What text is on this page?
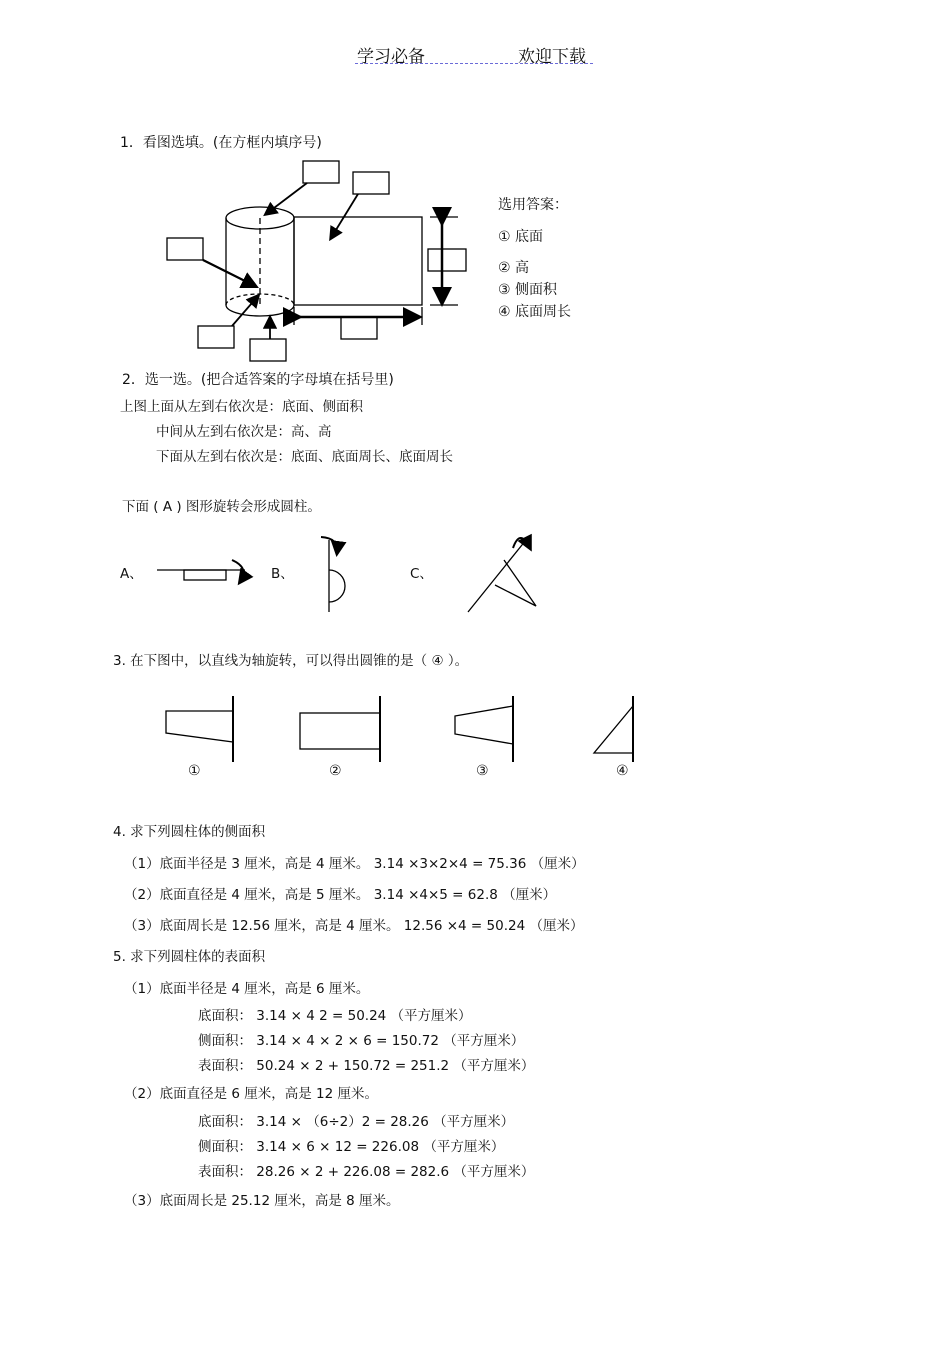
学习必备	欢迎下载
1．看图选填。(在方框内填序号)
选用答案：
① 底面
② 高
③ 侧面积
④ 底面周长
2．选一选。(把合适答案的字母填在括号里)
上图上面从左到右依次是：底面、侧面积
中间从左到右依次是：高、高
下面从左到右依次是：底面、底面周长、底面周长
下面 ( A ) 图形旋转会形成圆柱。
A、	B、	C、
3. 在下图中，以直线为轴旋转，可以得出圆锥的是（ ④ ）。
①	②	③	④
4. 求下列圆柱体的侧面积
（1）底面半径是 3 厘米，高是 4 厘米。 3.14 ×3×2×4 = 75.36 （厘米）
（2）底面直径是 4 厘米，高是 5 厘米。 3.14 ×4×5 = 62.8 （厘米）
（3）底面周长是 12.56 厘米，高是 4 厘米。 12.56 ×4 = 50.24 （厘米）
5. 求下列圆柱体的表面积
（1）底面半径是 4 厘米，高是 6 厘米。
底面积： 3.14 × 4 2 = 50.24 （平方厘米）
侧面积： 3.14 × 4 × 2 × 6 = 150.72 （平方厘米）
表面积： 50.24 × 2 + 150.72 = 251.2 （平方厘米）
（2）底面直径是 6 厘米，高是 12 厘米。
底面积： 3.14 × （6÷2）2 = 28.26 （平方厘米）
侧面积： 3.14 × 6 × 12 = 226.08 （平方厘米）
表面积： 28.26 × 2 + 226.08 = 282.6 （平方厘米）
（3）底面周长是 25.12 厘米，高是 8 厘米。
